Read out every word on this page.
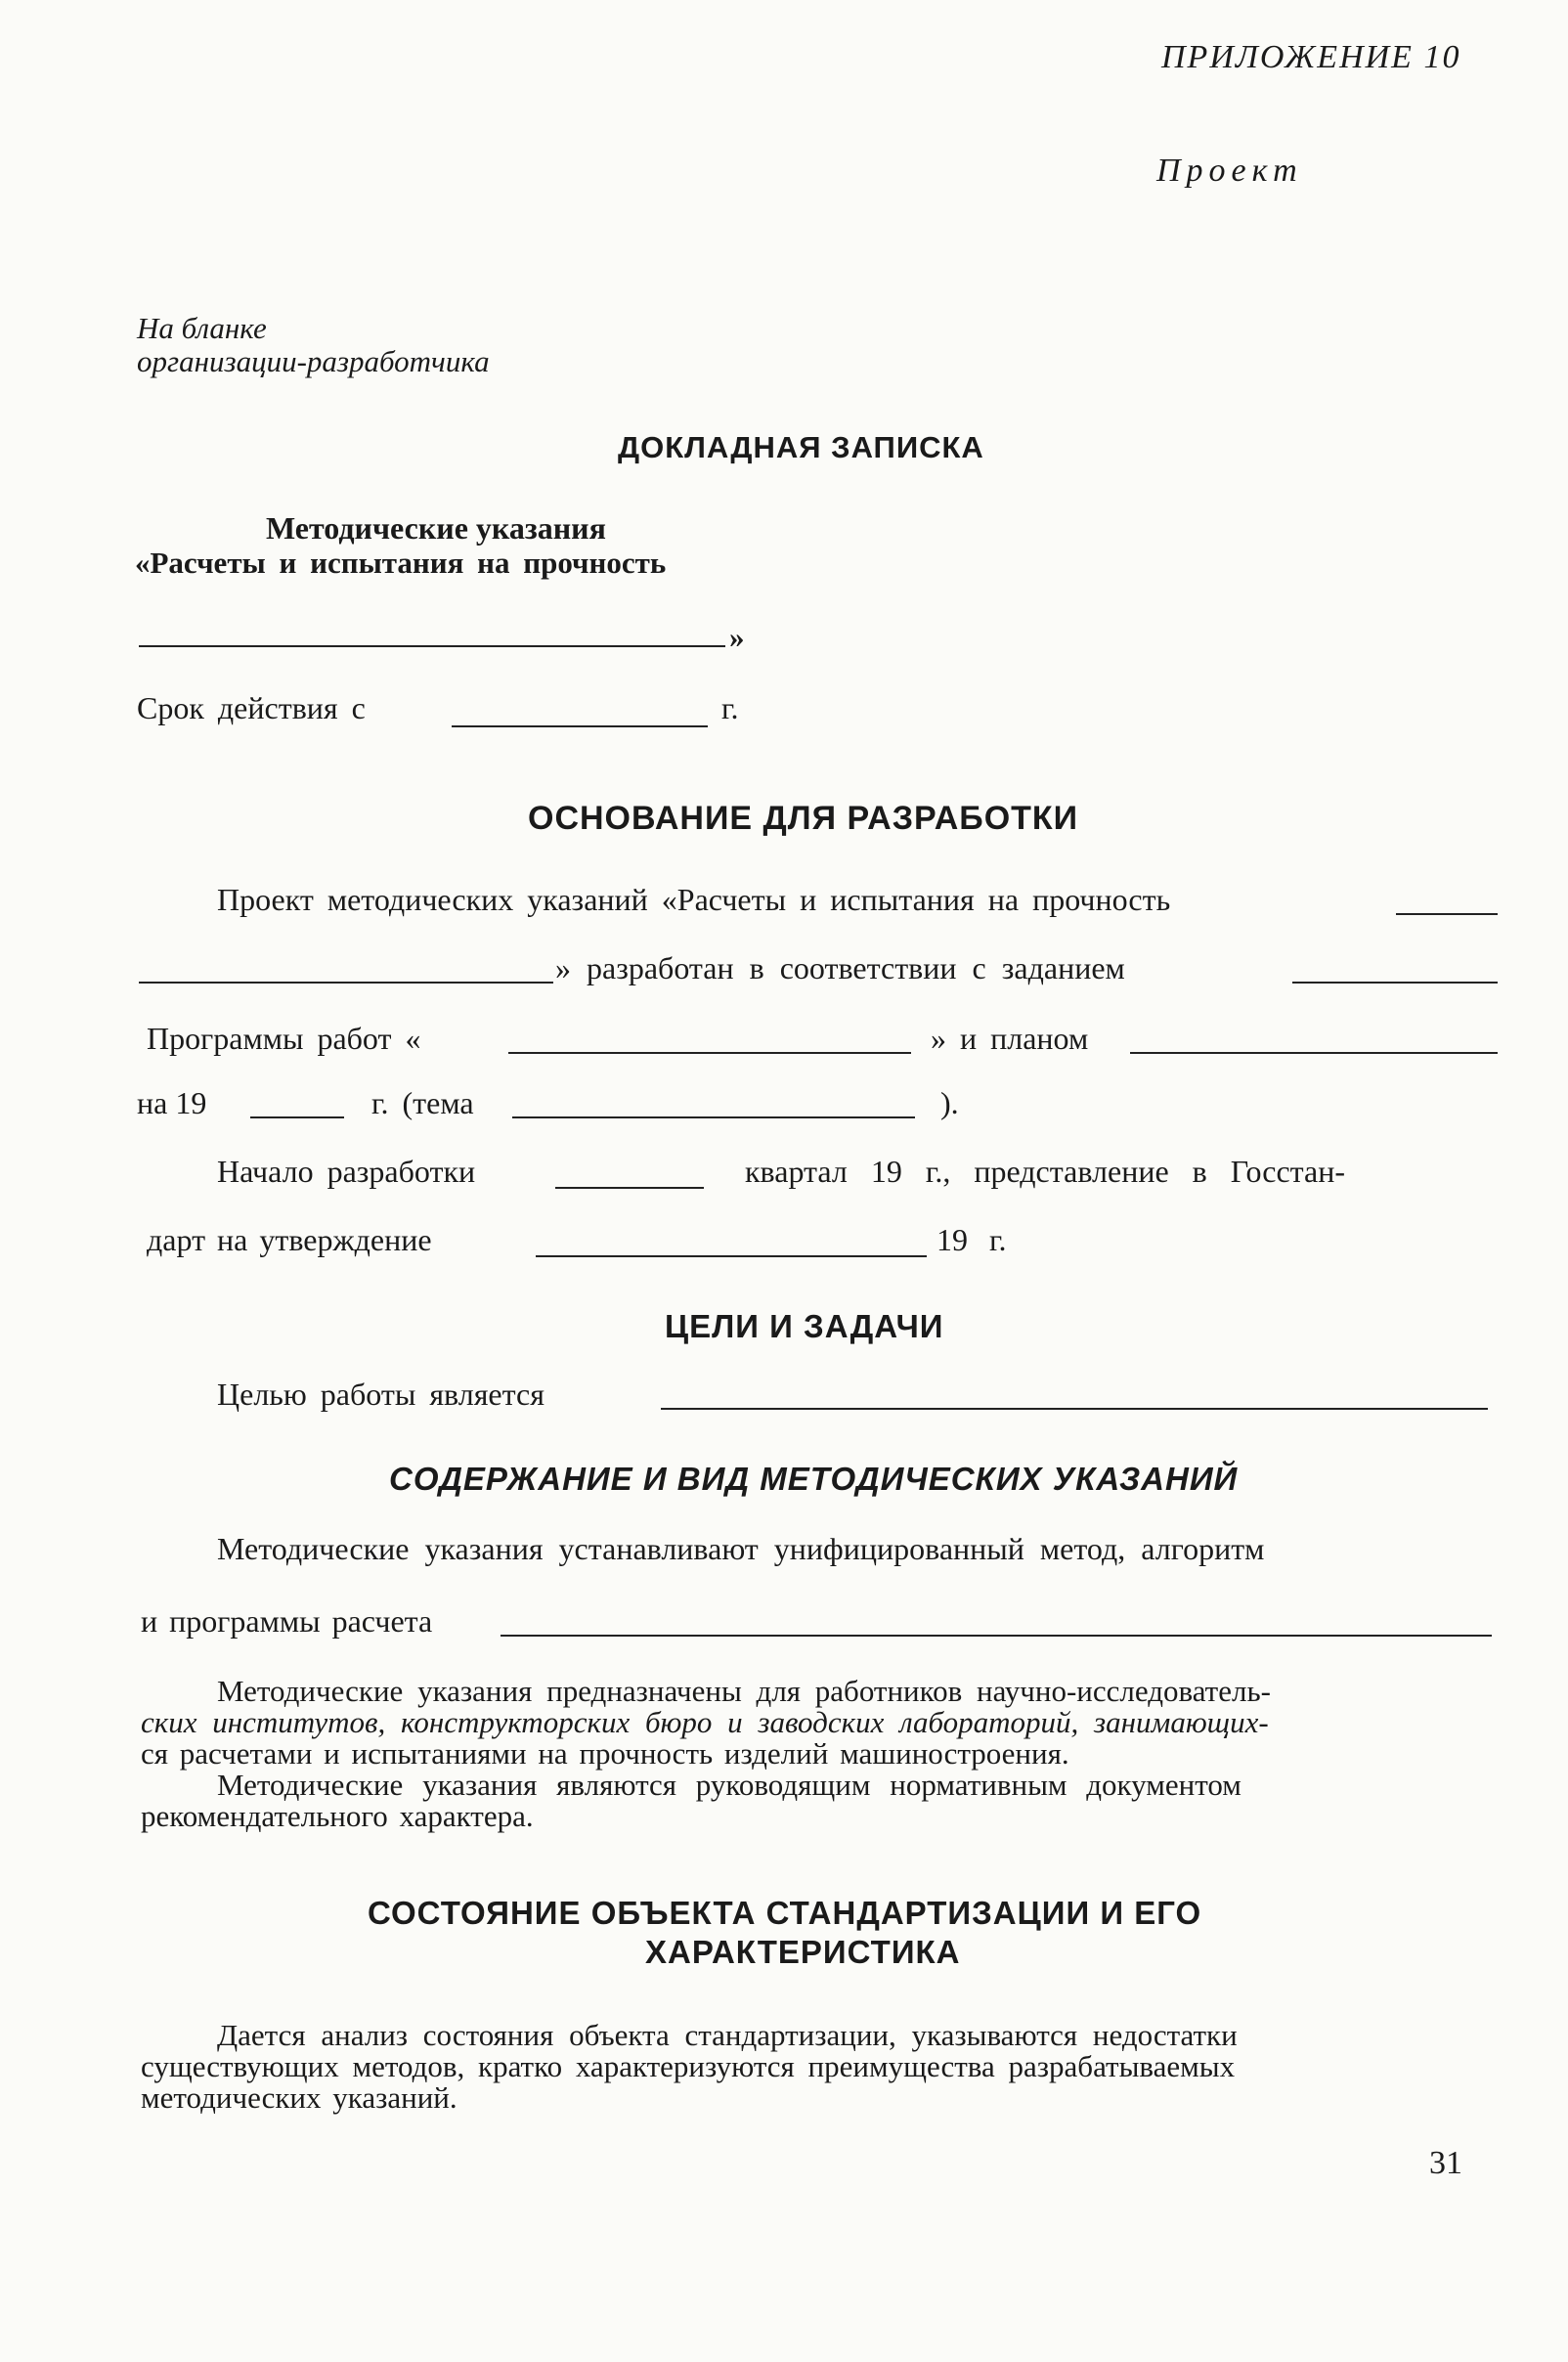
ПРИЛОЖЕНИЕ 10
Проект
На бланке
организации-разработчика
ДОКЛАДНАЯ ЗАПИСКА
Методические указания
«Расчеты и испытания на прочность
»
Срок действия с	г.
ОСНОВАНИЕ ДЛЯ РАЗРАБОТКИ
Проект методических указаний «Расчеты и испытания на прочность
» разработан в соответствии с заданием
Программы работ «	» и планом
на 19	г. (тема	).
Начало разработки	квартал 19 г., представление в Госстан-
дарт на утверждение	19 г.
ЦЕЛИ И ЗАДАЧИ
Целью работы является
СОДЕРЖАНИЕ И ВИД МЕТОДИЧЕСКИХ УКАЗАНИЙ
Методические указания устанавливают унифицированный метод, алгоритм
и программы расчета
Методические указания предназначены для работников научно-исследователь-
ских институтов, конструкторских бюро и заводских лабораторий, занимающих-
ся расчетами и испытаниями на прочность изделий машиностроения.
Методические указания являются руководящим нормативным документом
рекомендательного характера.
СОСТОЯНИЕ ОБЪЕКТА СТАНДАРТИЗАЦИИ И ЕГО
ХАРАКТЕРИСТИКА
Дается анализ состояния объекта стандартизации, указываются недостатки
существующих методов, кратко характеризуются преимущества разрабатываемых
методических указаний.
31
